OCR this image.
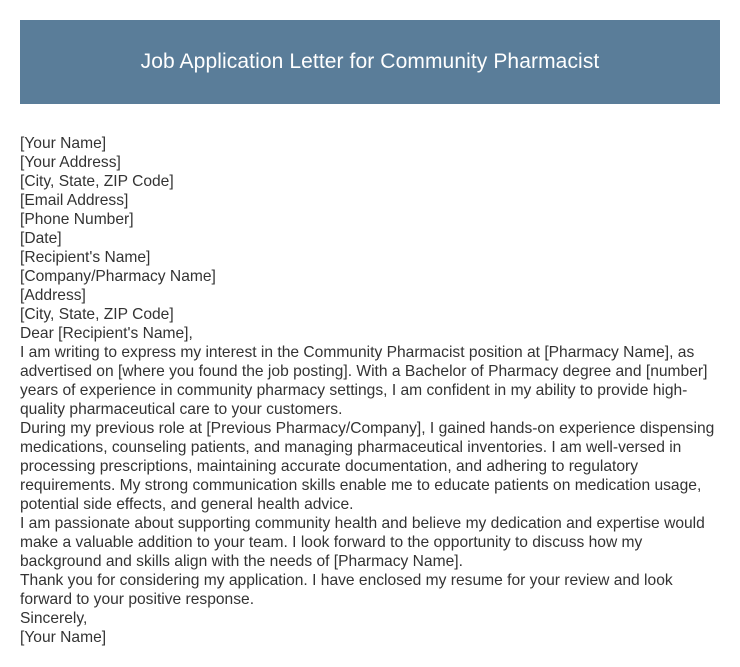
Job Application Letter for Community Pharmacist
[Your Name]
[Your Address]
[City, State, ZIP Code]
[Email Address]
[Phone Number]
[Date]
[Recipient's Name]
[Company/Pharmacy Name]
[Address]
[City, State, ZIP Code]
Dear [Recipient's Name],
I am writing to express my interest in the Community Pharmacist position at [Pharmacy Name], as advertised on [where you found the job posting]. With a Bachelor of Pharmacy degree and [number] years of experience in community pharmacy settings, I am confident in my ability to provide high-quality pharmaceutical care to your customers.
During my previous role at [Previous Pharmacy/Company], I gained hands-on experience dispensing medications, counseling patients, and managing pharmaceutical inventories. I am well-versed in processing prescriptions, maintaining accurate documentation, and adhering to regulatory requirements. My strong communication skills enable me to educate patients on medication usage, potential side effects, and general health advice.
I am passionate about supporting community health and believe my dedication and expertise would make a valuable addition to your team. I look forward to the opportunity to discuss how my background and skills align with the needs of [Pharmacy Name].
Thank you for considering my application. I have enclosed my resume for your review and look forward to your positive response.
Sincerely,
[Your Name]
